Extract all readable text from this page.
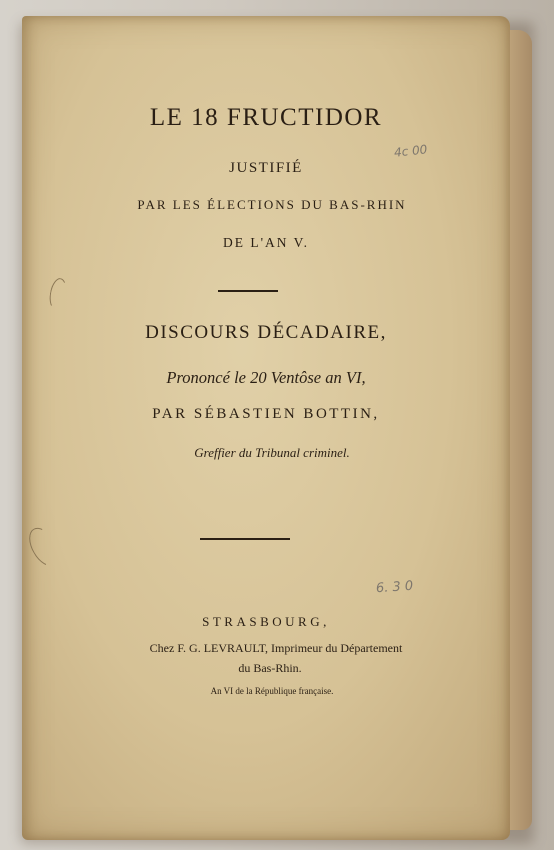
LE 18 FRUCTIDOR
JUSTIFIÉ
PAR LES ÉLECTIONS DU BAS-RHIN
DE L'AN V.
DISCOURS DÉCADAIRE,
Prononcé le 20 Ventôse an VI,
PAR SÉBASTIEN BOTTIN,
Greffier du Tribunal criminel.
STRASBOURG,
Chez F. G. LEVRAULT, Imprimeur du Département
du Bas-Rhin.
An VI de la République française.
4c 00
6. 3 0
